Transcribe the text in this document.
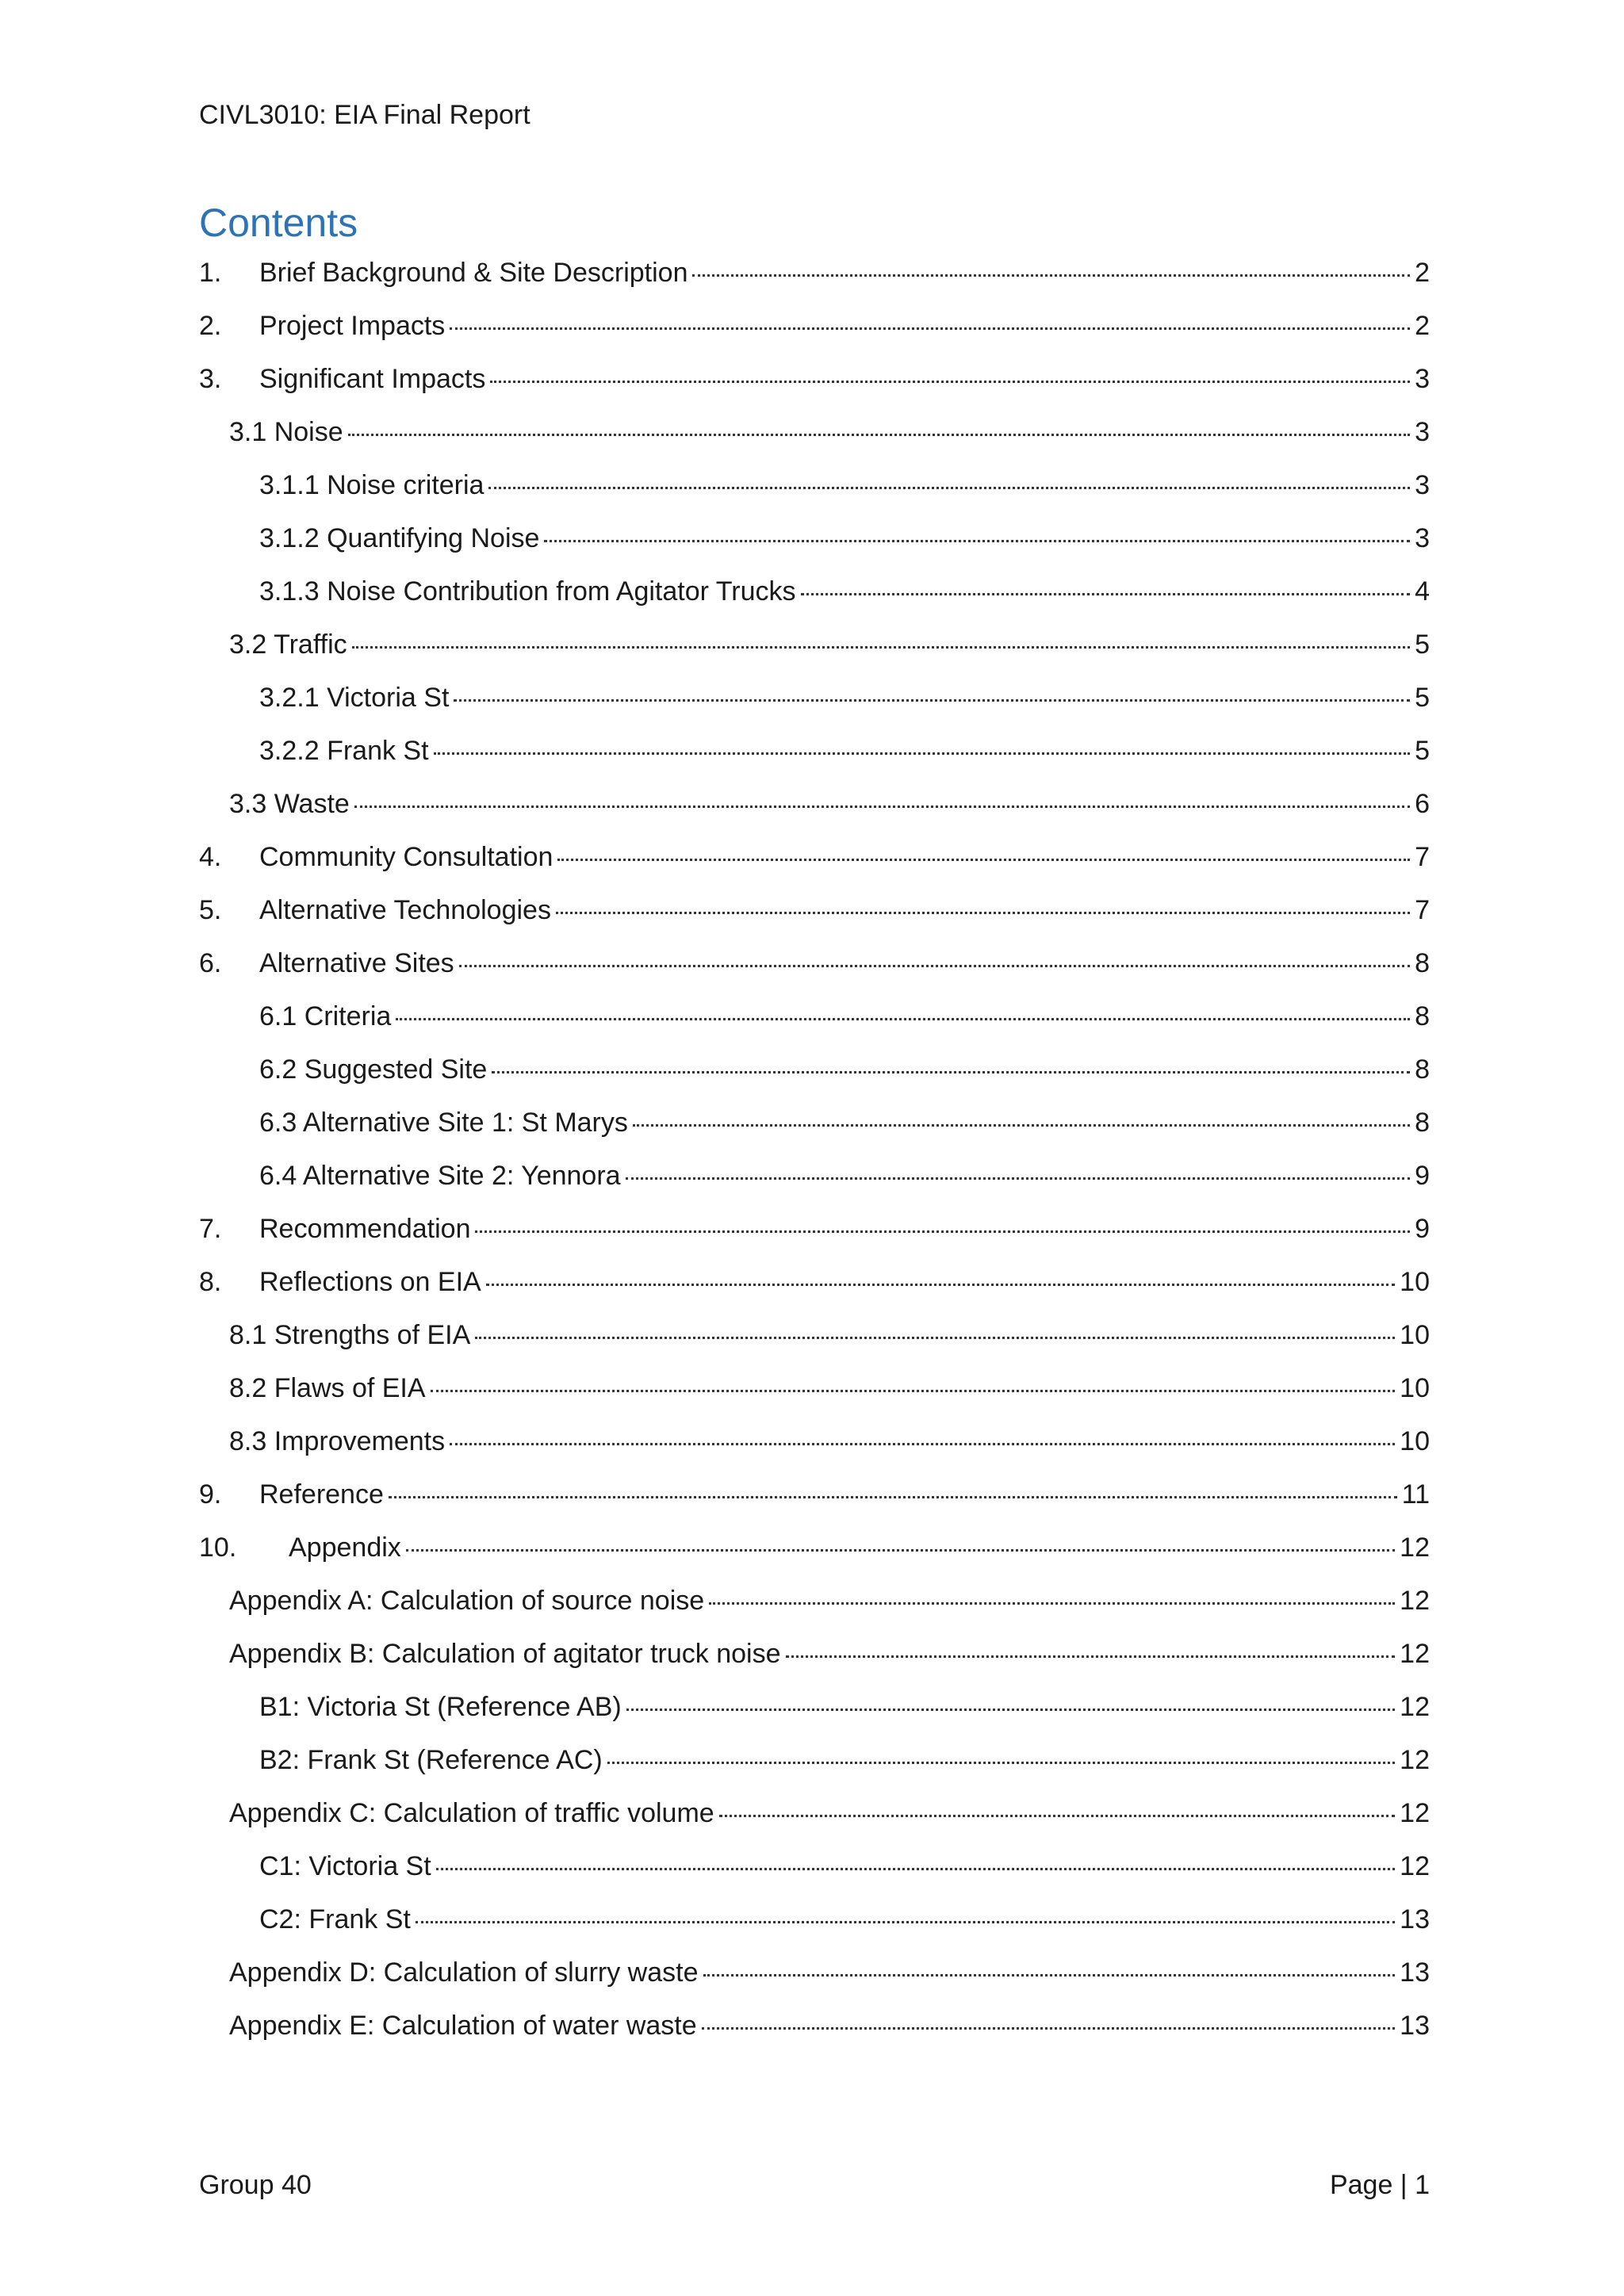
CIVL3010: EIA Final Report
Contents
1.	Brief Background & Site Description	2
2.	Project Impacts	2
3.	Significant Impacts	3
3.1 Noise	3
3.1.1 Noise criteria	3
3.1.2 Quantifying Noise	3
3.1.3 Noise Contribution from Agitator Trucks	4
3.2 Traffic	5
3.2.1 Victoria St	5
3.2.2 Frank St	5
3.3 Waste	6
4.	Community Consultation	7
5.	Alternative Technologies	7
6.	Alternative Sites	8
6.1 Criteria	8
6.2 Suggested Site	8
6.3 Alternative Site 1: St Marys	8
6.4 Alternative Site 2: Yennora	9
7.	Recommendation	9
8.	Reflections on EIA	10
8.1 Strengths of EIA	10
8.2 Flaws of EIA	10
8.3 Improvements	10
9.	Reference	11
10.	Appendix	12
Appendix A: Calculation of source noise	12
Appendix B: Calculation of agitator truck noise	12
B1: Victoria St (Reference AB)	12
B2: Frank St (Reference AC)	12
Appendix C: Calculation of traffic volume	12
C1: Victoria St	12
C2: Frank St	13
Appendix D: Calculation of slurry waste	13
Appendix E: Calculation of water waste	13
Group 40	Page | 1
